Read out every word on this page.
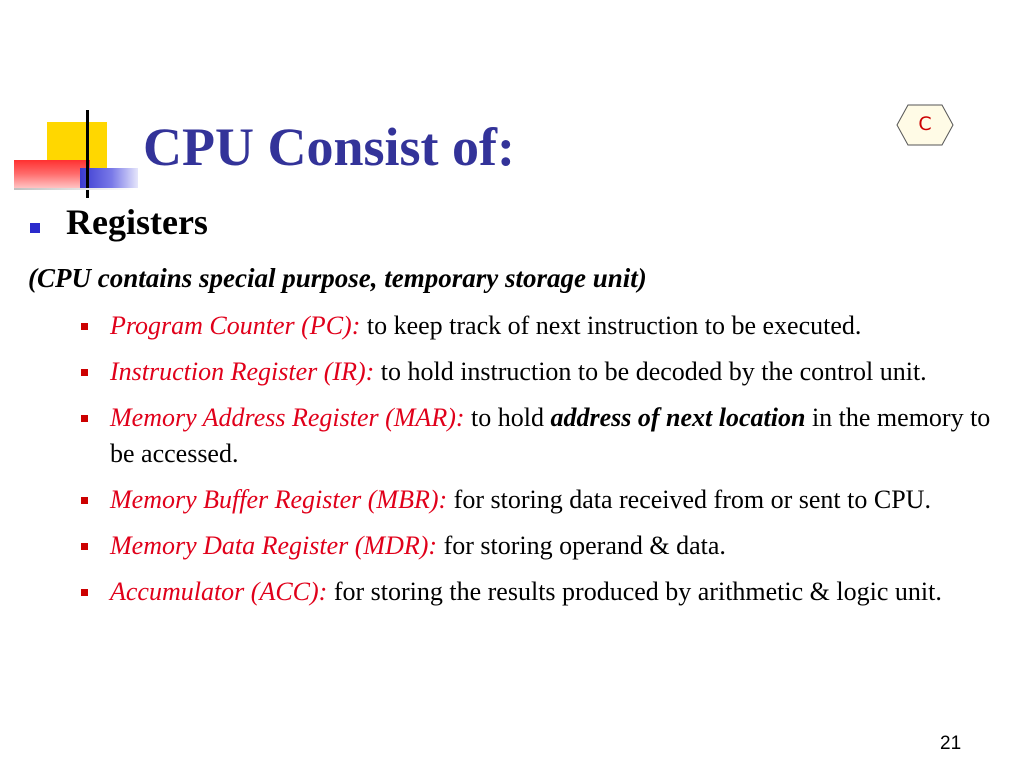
CPU Consist of:	C
Registers
(CPU contains special purpose, temporary storage unit)
Program Counter (PC): to keep track of next instruction to be executed.
Instruction Register (IR): to hold instruction to be decoded by the control unit.
Memory Address Register (MAR): to hold address of next location in the memory to be accessed.
Memory Buffer Register (MBR): for storing data received from or sent to CPU.
Memory Data Register (MDR): for storing operand & data.
Accumulator (ACC): for storing the results produced by arithmetic & logic unit.
21
